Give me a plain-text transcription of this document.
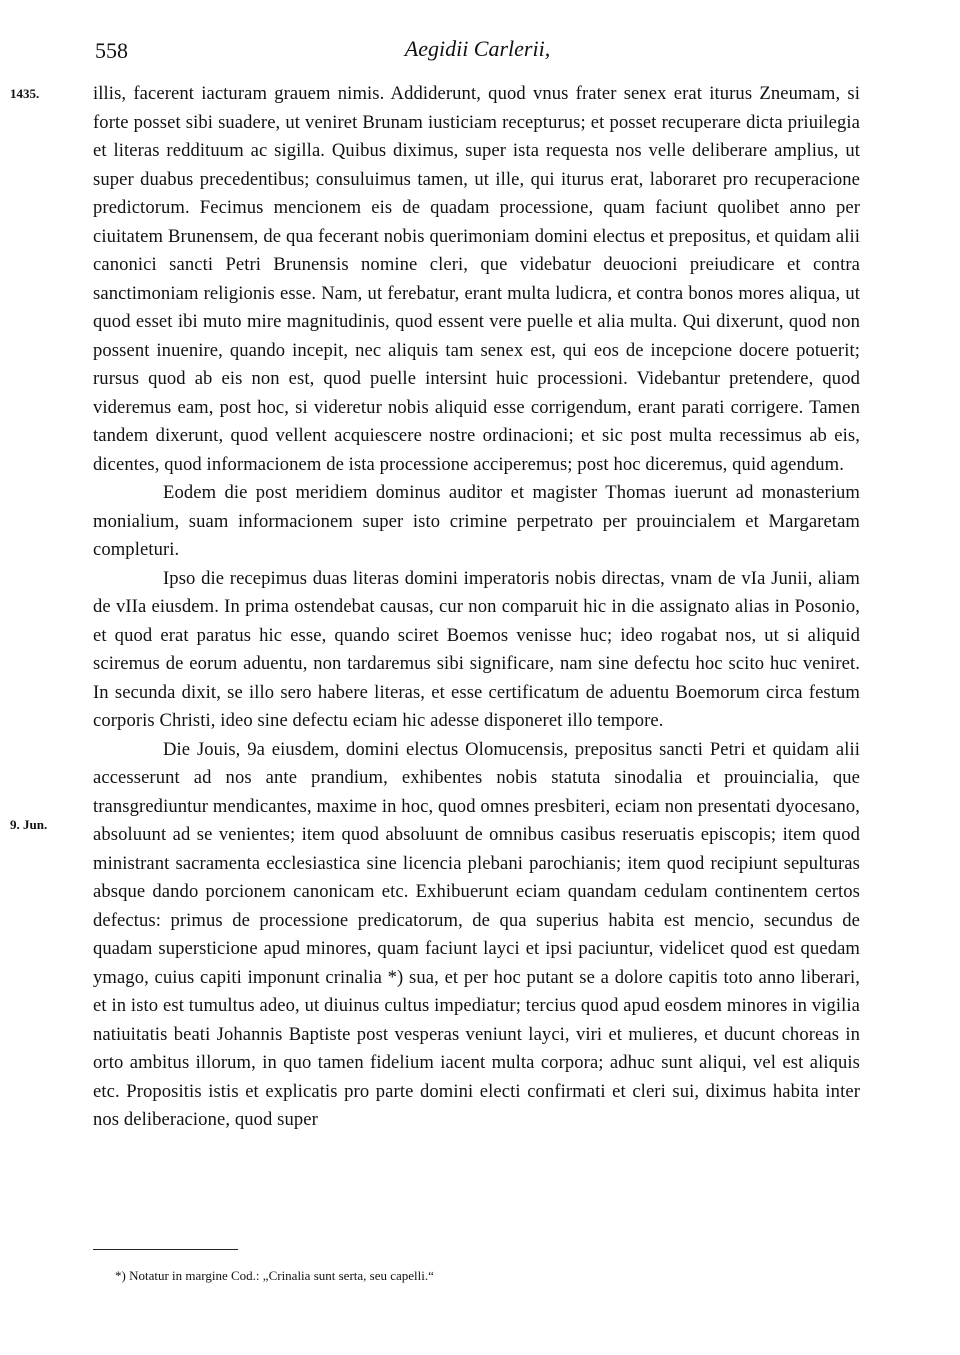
558	Aegidii Carlerii,
1435.
9. Jun.

illis, facerent iacturam grauem nimis. Addiderunt, quod vnus frater senex erat iturus Zneumam, si forte posset sibi suadere, ut veniret Brunam iusticiam recepturus; et posset recuperare dicta priuilegia et literas reddituum ac sigilla. Quibus diximus, super ista requesta nos velle deliberare amplius, ut super duabus precedentibus; consuluimus tamen, ut ille, qui iturus erat, laboraret pro recuperacione predictorum. Fecimus mencionem eis de quadam processione, quam faciunt quolibet anno per ciuitatem Brunensem, de qua fecerant nobis querimoniam domini electus et prepositus, et quidam alii canonici sancti Petri Brunensis nomine cleri, que videbatur deuocioni preiudicare et contra sanctimoniam religionis esse. Nam, ut ferebatur, erant multa ludicra, et contra bonos mores aliqua, ut quod esset ibi muto mire magnitudinis, quod essent vere puelle et alia multa. Qui dixerunt, quod non possent inuenire, quando incepit, nec aliquis tam senex est, qui eos de incepcione docere potuerit; rursus quod ab eis non est, quod puelle intersint huic processioni. Videbantur pretendere, quod videremus eam, post hoc, si videretur nobis aliquid esse corrigendum, erant parati corrigere. Tamen tandem dixerunt, quod vellent acquiescere nostre ordinacioni; et sic post multa recessimus ab eis, dicentes, quod informacionem de ista processione acciperemus; post hoc diceremus, quid agendum.

Eodem die post meridiem dominus auditor et magister Thomas iuerunt ad monasterium monialium, suam informacionem super isto crimine perpetrato per prouincialem et Margaretam completuri.

Ipso die recepimus duas literas domini imperatoris nobis directas, vnam de vIa Junii, aliam de vIIa eiusdem. In prima ostendebat causas, cur non comparuit hic in die assignato alias in Posonio, et quod erat paratus hic esse, quando sciret Boemos venisse huc; ideo rogabat nos, ut si aliquid sciremus de eorum aduentu, non tardaremus sibi significare, nam sine defectu hoc scito huc veniret. In secunda dixit, se illo sero habere literas, et esse certificatum de aduentu Boemorum circa festum corporis Christi, ideo sine defectu eciam hic adesse disponeret illo tempore.

Die Jouis, 9a eiusdem, domini electus Olomucensis, prepositus sancti Petri et quidam alii accesserunt ad nos ante prandium, exhibentes nobis statuta sinodalia et prouincialia, que transgrediuntur mendicantes, maxime in hoc, quod omnes presbiteri, eciam non presentati dyocesano, absoluunt ad se venientes; item quod absoluunt de omnibus casibus reseruatis episcopis; item quod ministrant sacramenta ecclesiastica sine licencia plebani parochianis; item quod recipiunt sepulturas absque dando porcionem canonicam etc. Exhibuerunt eciam quandam cedulam continentem certos defectus: primus de processione predicatorum, de qua superius habita est mencio, secundus de quadam supersticione apud minores, quam faciunt layci et ipsi paciuntur, videlicet quod est quedam ymago, cuius capiti imponunt crinalia *) sua, et per hoc putant se a dolore capitis toto anno liberari, et in isto est tumultus adeo, ut diuinus cultus impediatur; tercius quod apud eosdem minores in vigilia natiuitatis beati Johannis Baptiste post vesperas veniunt layci, viri et mulieres, et ducunt choreas in orto ambitus illorum, in quo tamen fidelium iacent multa corpora; adhuc sunt aliqui, vel est aliquis etc. Propositis istis et explicatis pro parte domini electi confirmati et cleri sui, diximus habita inter nos deliberacione, quod super

*) Notatur in margine Cod.: „Crinalia sunt serta, seu capelli.“
